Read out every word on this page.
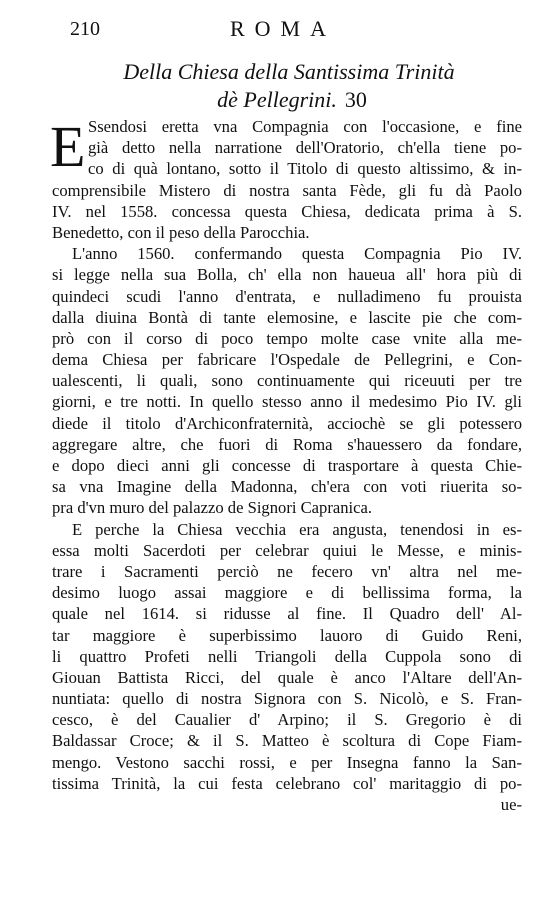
210	ROMA
Della Chiesa della Santissima Trinità
dè Pellegrini. 30
E Ssendosi eretta vna Compagnia con l'occasione, e fine
già detto nella narratione dell'Oratorio, ch'ella tiene po-
co di quà lontano, sotto il Titolo di questo altissimo, & in-
comprensibile Mistero di nostra santa Fède, gli fu dà Paolo
IV. nel 1558. concessa questa Chiesa, dedicata prima à S.
Benedetto, con il peso della Parocchia.
L'anno 1560. confermando questa Compagnia Pio IV.
si legge nella sua Bolla, ch' ella non haueua all' hora più di
quindeci scudi l'anno d'entrata, e nulladimeno fu prouista
dalla diuina Bontà di tante elemosine, e lascite pie che com-
prò con il corso di poco tempo molte case vnite alla me-
dema Chiesa per fabricare l'Ospedale de Pellegrini, e Con-
ualescenti, li quali, sono continuamente qui riceuuti per tre
giorni, e tre notti. In quello stesso anno il medesimo Pio IV. gli
diede il titolo d'Archiconfraternità, acciochè se gli potessero
aggregare altre, che fuori di Roma s'hauessero da fondare,
e dopo dieci anni gli concesse di trasportare à questa Chie-
sa vna Imagine della Madonna, ch'era con voti riuerita so-
pra d'vn muro del palazzo de Signori Capranica.
E perche la Chiesa vecchia era angusta, tenendosi in es-
essa molti Sacerdoti per celebrar quiui le Messe, e minis-
trare i Sacramenti perciò ne fecero vn' altra nel me-
desimo luogo assai maggiore e di bellissima forma, la
quale nel 1614. si ridusse al fine. Il Quadro dell' Al-
tar maggiore è superbissimo lauoro di Guido Reni,
li quattro Profeti nelli Triangoli della Cuppola sono di
Giouan Battista Ricci, del quale è anco l'Altare dell'An-
nuntiata: quello di nostra Signora con S. Nicolò, e S. Fran-
cesco, è del Caualier d' Arpino; il S. Gregorio è di
Baldassar Croce; & il S. Matteo è scoltura di Cope Fiam-
mengo. Vestono sacchi rossi, e per Insegna fanno la San-
tissima Trinità, la cui festa celebrano col' maritaggio di po-
ue-
